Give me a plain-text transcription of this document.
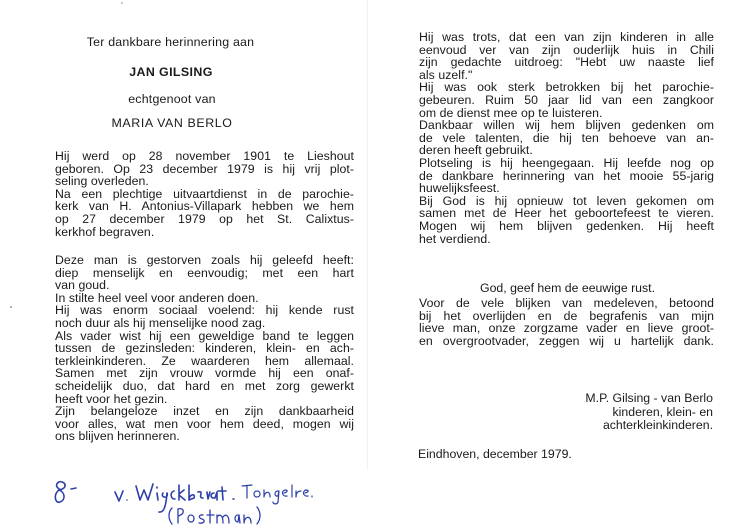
Ter dankbare herinnering aan
JAN GILSING
echtgenoot van
MARIA VAN BERLO
Hij werd op 28 november 1901 te Lieshout
geboren. Op 23 december 1979 is hij vrij plot-
seling overleden.
Na een plechtige uitvaartdienst in de parochie-
kerk van H. Antonius-Villapark hebben we hem
op 27 december 1979 op het St. Calixtus-
kerkhof begraven.
Deze man is gestorven zoals hij geleefd heeft:
diep menselijk en eenvoudig; met een hart
van goud.
In stilte heel veel voor anderen doen.
Hij was enorm sociaal voelend: hij kende rust
noch duur als hij menselijke nood zag.
Als vader wist hij een geweldige band te leggen
tussen de gezinsleden: kinderen, klein- en ach-
terkleinkinderen. Ze waarderen hem allemaal.
Samen met zijn vrouw vormde hij een onaf-
scheidelijk duo, dat hard en met zorg gewerkt
heeft voor het gezin.
Zijn belangeloze inzet en zijn dankbaarheid
voor alles, wat men voor hem deed, mogen wij
ons blijven herinneren.
Hij was trots, dat een van zijn kinderen in alle
eenvoud ver van zijn ouderlijk huis in Chili
zijn gedachte uitdroeg: "Hebt uw naaste lief
als uzelf."
Hij was ook sterk betrokken bij het parochie-
gebeuren. Ruim 50 jaar lid van een zangkoor
om de dienst mee op te luisteren.
Dankbaar willen wij hem blijven gedenken om
de vele talenten, die hij ten behoeve van an-
deren heeft gebruikt.
Plotseling is hij heengegaan. Hij leefde nog op
de dankbare herinnering van het mooie 55-jarig
huwelijksfeest.
Bij God is hij opnieuw tot leven gekomen om
samen met de Heer het geboortefeest te vieren.
Mogen wij hem blijven gedenken. Hij heeft
het verdiend.
God, geef hem de eeuwige rust.
Voor de vele blijken van medeleven, betoond
bij het overlijden en de begrafenis van mijn
lieve man, onze zorgzame vader en lieve groot-
en overgrootvader, zeggen wij u hartelijk dank.
M.P. Gilsing - van Berlo
kinderen, klein- en
achterkleinkinderen.
Eindhoven, december 1979.
